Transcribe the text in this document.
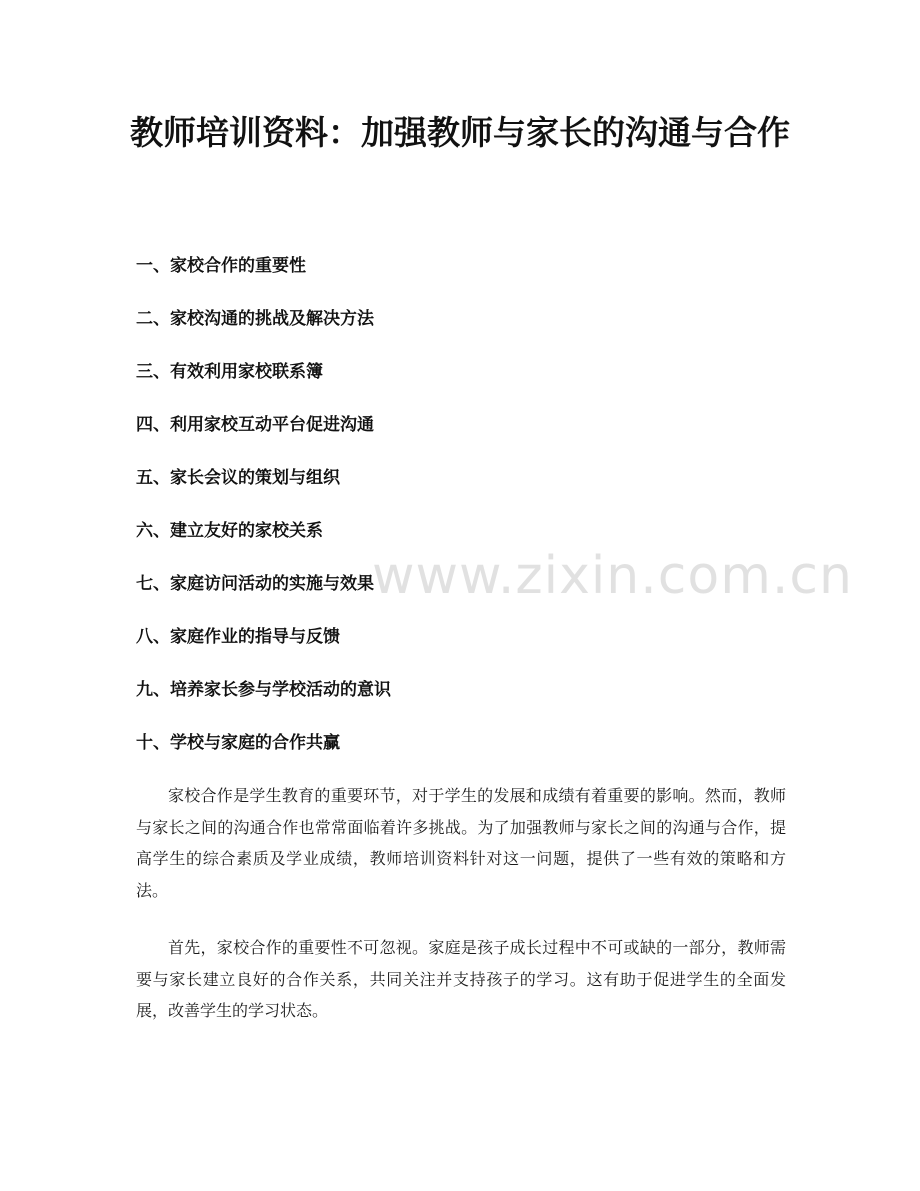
教师培训资料：加强教师与家长的沟通与合作
一、家校合作的重要性
二、家校沟通的挑战及解决方法
三、有效利用家校联系簿
四、利用家校互动平台促进沟通
五、家长会议的策划与组织
六、建立友好的家校关系
七、家庭访问活动的实施与效果
八、家庭作业的指导与反馈
九、培养家长参与学校活动的意识
十、学校与家庭的合作共赢

家校合作是学生教育的重要环节，对于学生的发展和成绩有着重要的影响。然而，教师与家长之间的沟通合作也常常面临着许多挑战。为了加强教师与家长之间的沟通与合作，提高学生的综合素质及学业成绩，教师培训资料针对这一问题，提供了一些有效的策略和方法。

首先，家校合作的重要性不可忽视。家庭是孩子成长过程中不可或缺的一部分，教师需要与家长建立良好的合作关系，共同关注并支持孩子的学习。这有助于促进学生的全面发展，改善学生的学习状态。

www.zixin.com.cn
